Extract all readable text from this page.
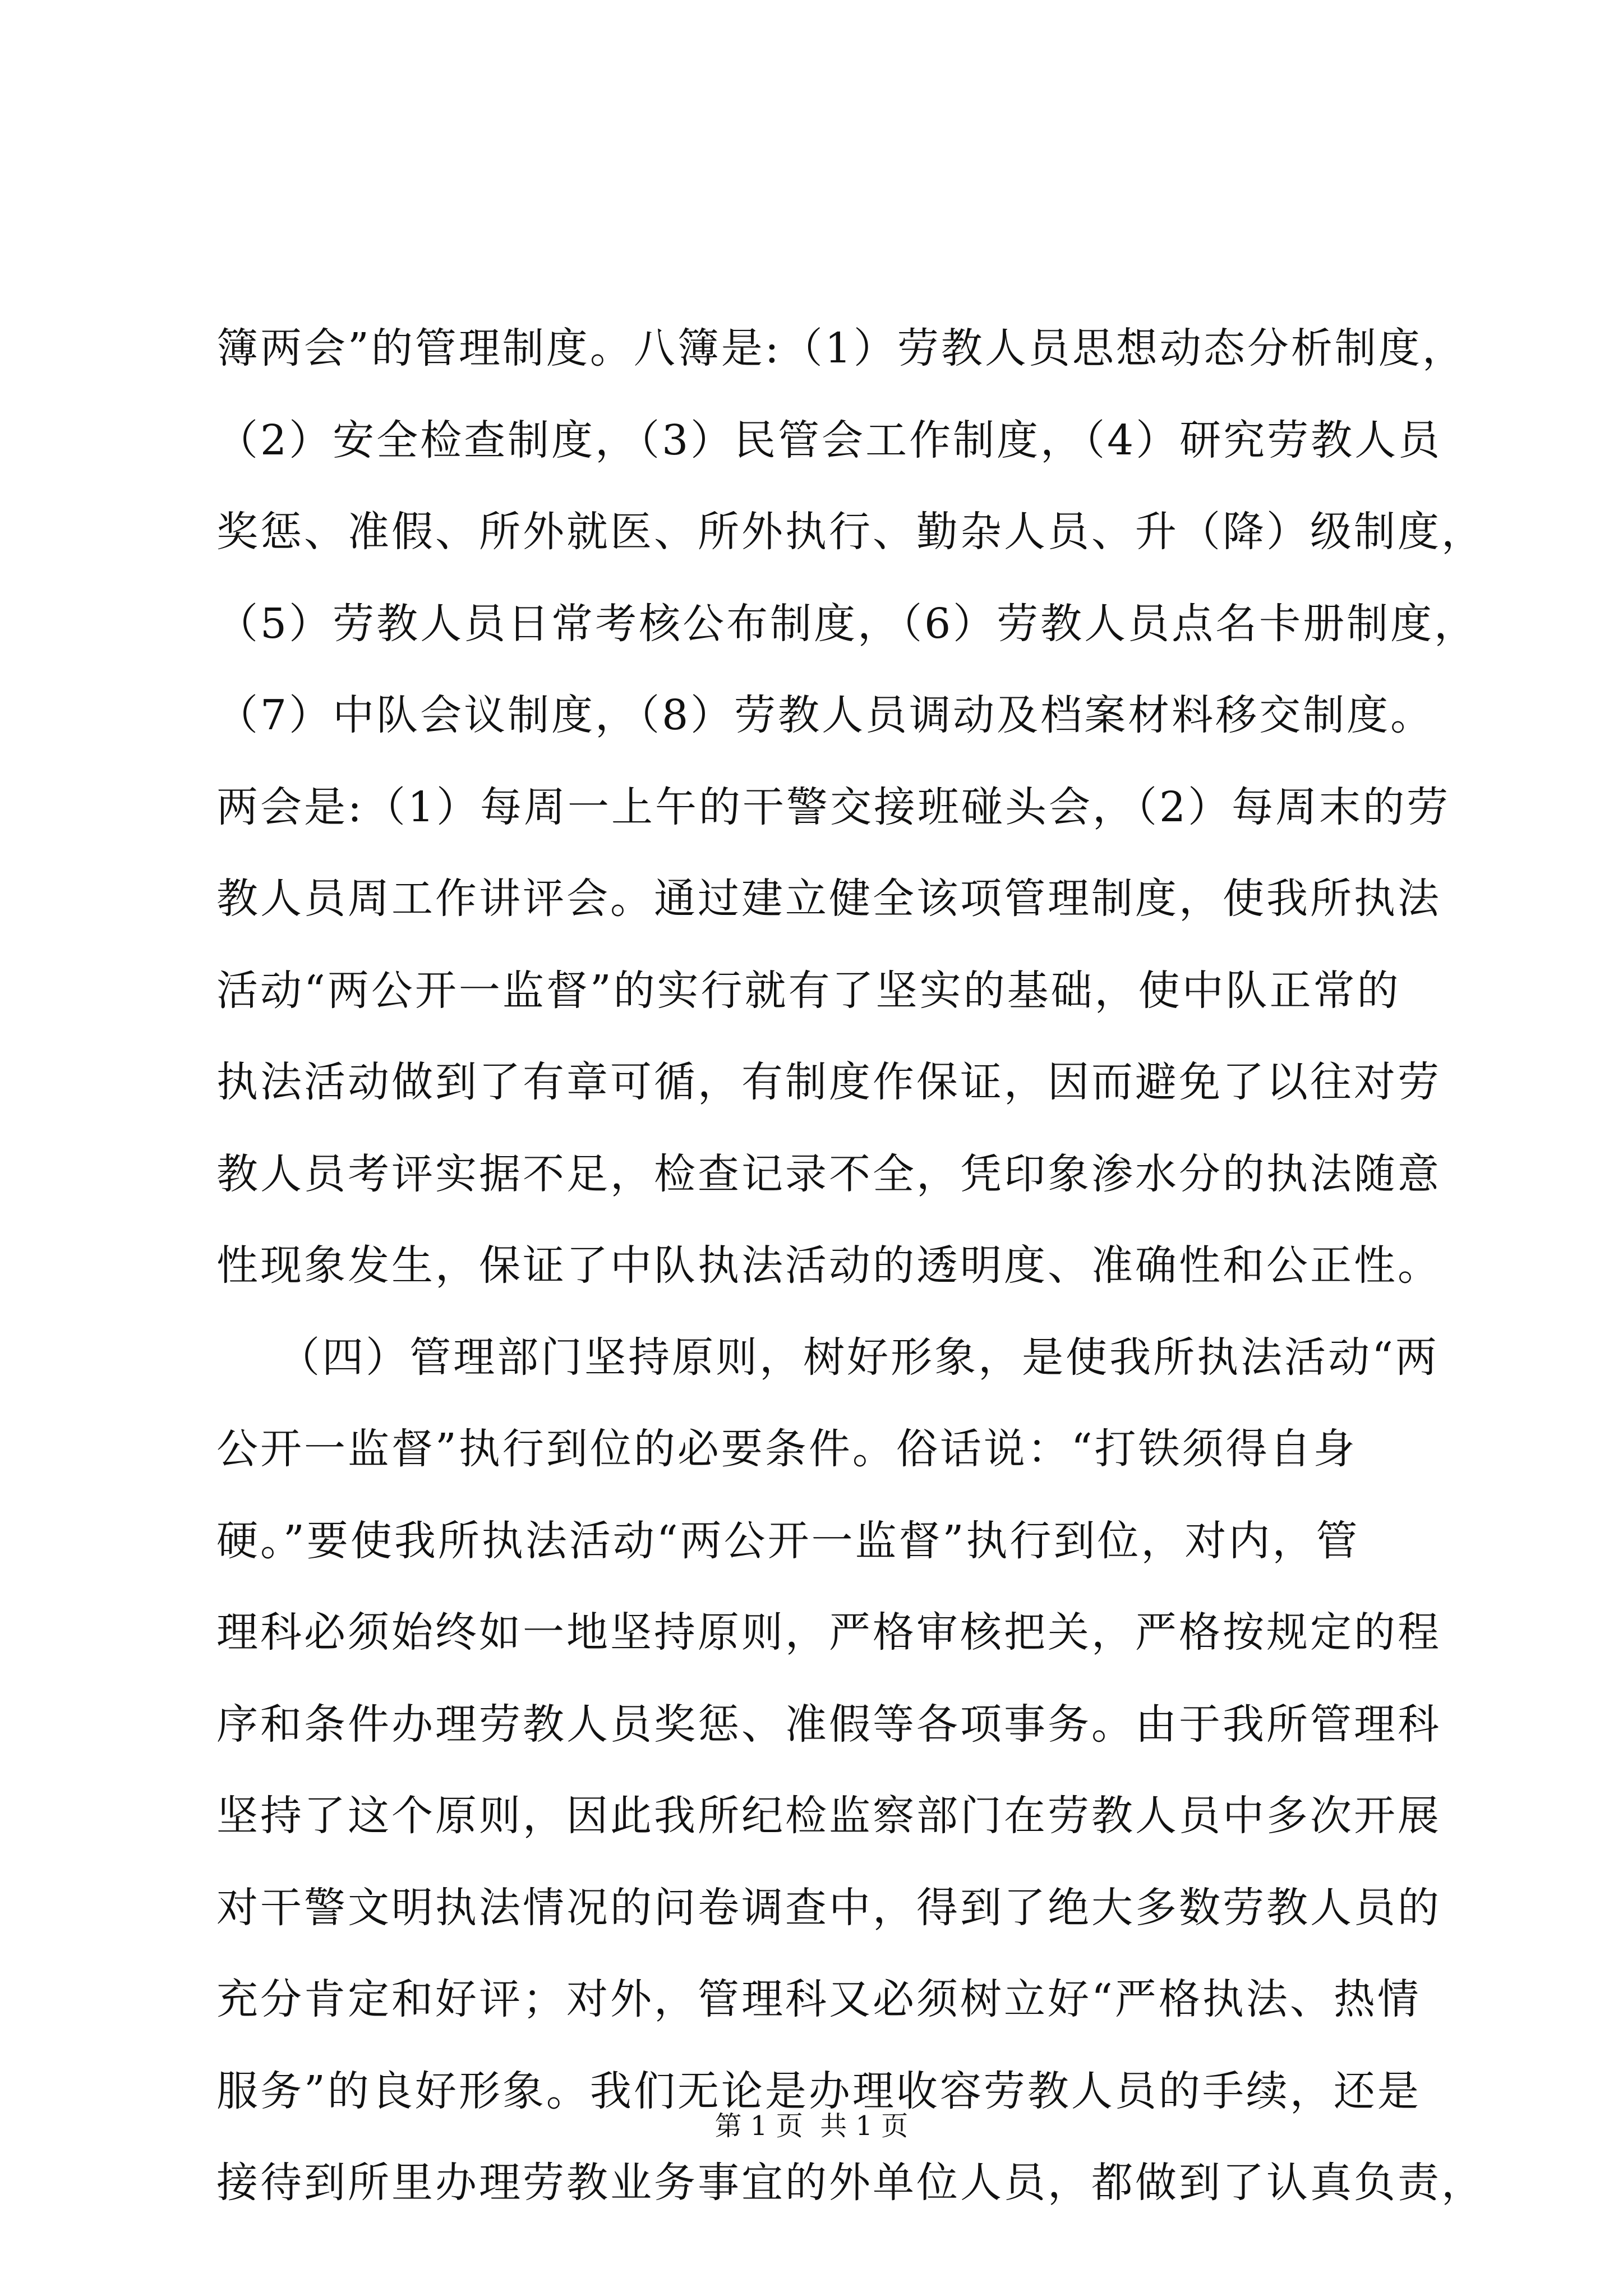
簿两会”的管理制度。八簿是:（1）劳教人员思想动态分析制度，
（2）安全检查制度，（3）民管会工作制度，（4）研究劳教人员
奖惩、准假、所外就医、所外执行、勤杂人员、升（降）级制度，
（5）劳教人员日常考核公布制度，（6）劳教人员点名卡册制度，
（7）中队会议制度，（8）劳教人员调动及档案材料移交制度。
两会是:（1）每周一上午的干警交接班碰头会，（2）每周末的劳
教人员周工作讲评会。通过建立健全该项管理制度，使我所执法
活动“两公开一监督”的实行就有了坚实的基础，使中队正常的
执法活动做到了有章可循，有制度作保证，因而避免了以往对劳
教人员考评实据不足，检查记录不全，凭印象渗水分的执法随意
性现象发生，保证了中队执法活动的透明度、准确性和公正性。
（四）管理部门坚持原则，树好形象，是使我所执法活动“两
公开一监督”执行到位的必要条件。俗话说：“打铁须得自身
硬。”要使我所执法活动“两公开一监督”执行到位，对内，管
理科必须始终如一地坚持原则，严格审核把关，严格按规定的程
序和条件办理劳教人员奖惩、准假等各项事务。由于我所管理科
坚持了这个原则，因此我所纪检监察部门在劳教人员中多次开展
对干警文明执法情况的问卷调查中，得到了绝大多数劳教人员的
充分肯定和好评；对外，管理科又必须树立好“严格执法、热情
服务”的良好形象。我们无论是办理收容劳教人员的手续，还是
接待到所里办理劳教业务事宜的外单位人员，都做到了认真负责，
第 1 页  共 1 页
